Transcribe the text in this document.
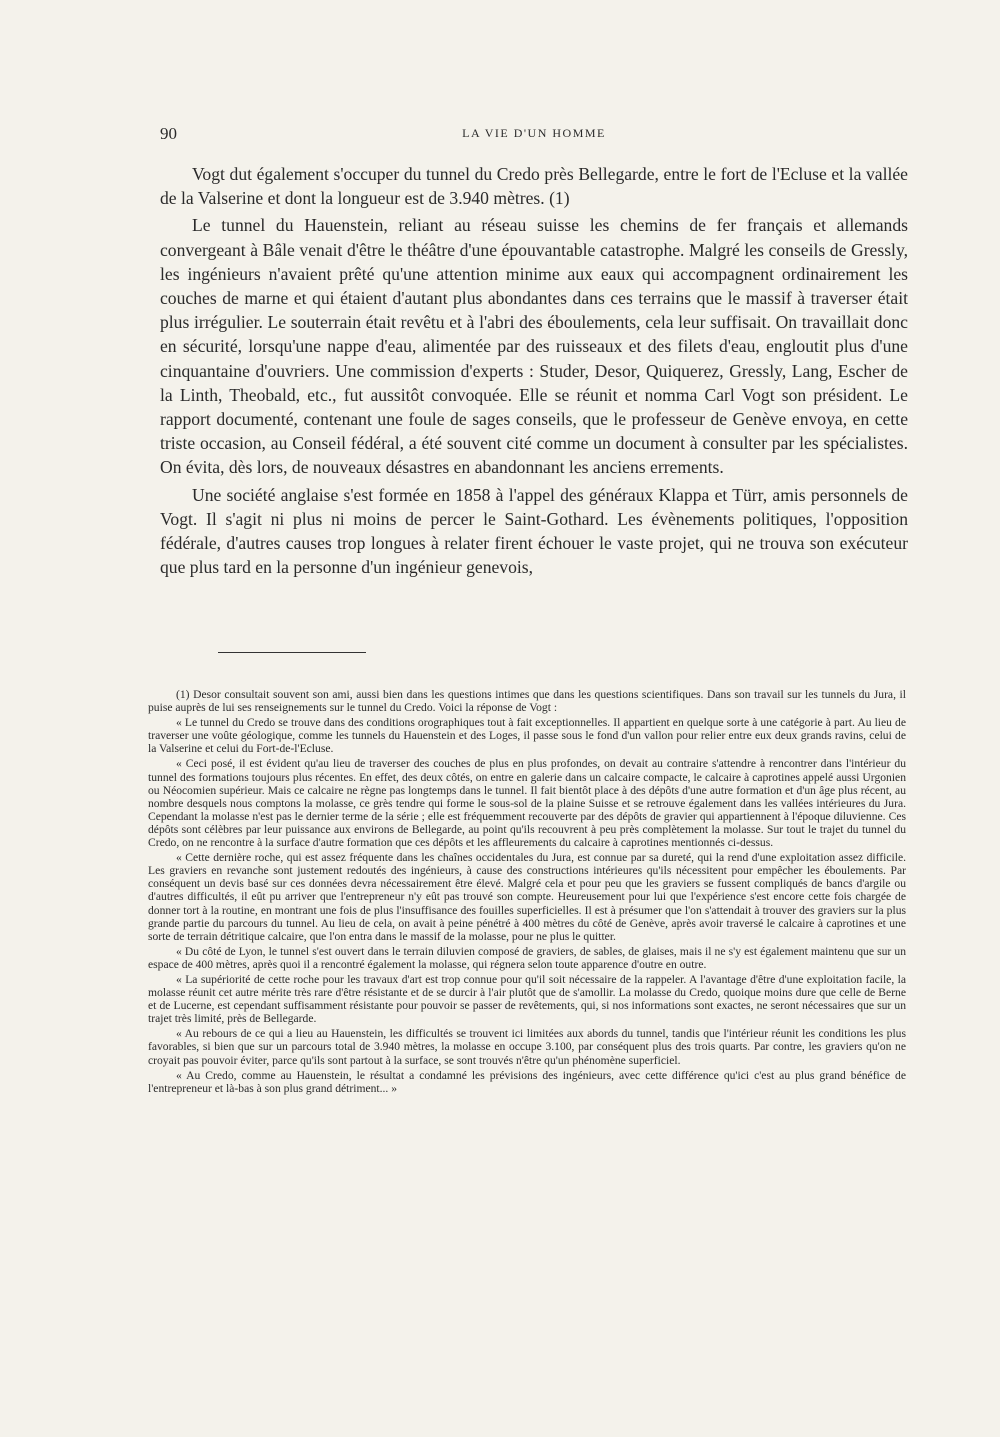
90	LA VIE D'UN HOMME

Vogt dut également s'occuper du tunnel du Credo près Bellegarde, entre le fort de l'Ecluse et la vallée de la Valserine et dont la longueur est de 3.940 mètres. (1)

Le tunnel du Hauenstein, reliant au réseau suisse les chemins de fer français et allemands convergeant à Bâle venait d'être le théâtre d'une épouvantable catastrophe. Malgré les conseils de Gressly, les ingénieurs n'avaient prêté qu'une attention minime aux eaux qui accompagnent ordinairement les couches de marne et qui étaient d'autant plus abondantes dans ces terrains que le massif à traverser était plus irrégulier. Le souterrain était revêtu et à l'abri des éboulements, cela leur suffisait. On travaillait donc en sécurité, lorsqu'une nappe d'eau, alimentée par des ruisseaux et des filets d'eau, engloutit plus d'une cinquantaine d'ouvriers. Une commission d'experts : Studer, Desor, Quiquerez, Gressly, Lang, Escher de la Linth, Theobald, etc., fut aussitôt convoquée. Elle se réunit et nomma Carl Vogt son président. Le rapport documenté, contenant une foule de sages conseils, que le professeur de Genève envoya, en cette triste occasion, au Conseil fédéral, a été souvent cité comme un document à consulter par les spécialistes. On évita, dès lors, de nouveaux désastres en abandonnant les anciens errements.

Une société anglaise s'est formée en 1858 à l'appel des généraux Klappa et Türr, amis personnels de Vogt. Il s'agit ni plus ni moins de percer le Saint-Gothard. Les évènements politiques, l'opposition fédérale, d'autres causes trop longues à relater firent échouer le vaste projet, qui ne trouva son exécuteur que plus tard en la personne d'un ingénieur genevois,

(1) Desor consultait souvent son ami, aussi bien dans les questions intimes que dans les questions scientifiques. Dans son travail sur les tunnels du Jura, il puise auprès de lui ses renseignements sur le tunnel du Credo. Voici la réponse de Vogt :

« Le tunnel du Credo se trouve dans des conditions orographiques tout à fait exceptionnelles. Il appartient en quelque sorte à une catégorie à part. Au lieu de traverser une voûte géologique, comme les tunnels du Hauenstein et des Loges, il passe sous le fond d'un vallon pour relier entre eux deux grands ravins, celui de la Valserine et celui du Fort-de-l'Ecluse.

« Ceci posé, il est évident qu'au lieu de traverser des couches de plus en plus profondes, on devait au contraire s'attendre à rencontrer dans l'intérieur du tunnel des formations toujours plus récentes. En effet, des deux côtés, on entre en galerie dans un calcaire compacte, le calcaire à caprotines appelé aussi Urgonien ou Néocomien supérieur. Mais ce calcaire ne règne pas longtemps dans le tunnel. Il fait bientôt place à des dépôts d'une autre formation et d'un âge plus récent, au nombre desquels nous comptons la molasse, ce grès tendre qui forme le sous-sol de la plaine Suisse et se retrouve également dans les vallées intérieures du Jura. Cependant la molasse n'est pas le dernier terme de la série ; elle est fréquemment recouverte par des dépôts de gravier qui appartiennent à l'époque diluvienne. Ces dépôts sont célèbres par leur puissance aux environs de Bellegarde, au point qu'ils recouvrent à peu près complètement la molasse. Sur tout le trajet du tunnel du Credo, on ne rencontre à la surface d'autre formation que ces dépôts et les affleurements du calcaire à caprotines mentionnés ci-dessus.

« Cette dernière roche, qui est assez fréquente dans les chaînes occidentales du Jura, est connue par sa dureté, qui la rend d'une exploitation assez difficile. Les graviers en revanche sont justement redoutés des ingénieurs, à cause des constructions intérieures qu'ils nécessitent pour empêcher les éboulements. Par conséquent un devis basé sur ces données devra nécessairement être élevé. Malgré cela et pour peu que les graviers se fussent compliqués de bancs d'argile ou d'autres difficultés, il eût pu arriver que l'entrepreneur n'y eût pas trouvé son compte. Heureusement pour lui que l'expérience s'est encore cette fois chargée de donner tort à la routine, en montrant une fois de plus l'insuffisance des fouilles superficielles. Il est à présumer que l'on s'attendait à trouver des graviers sur la plus grande partie du parcours du tunnel. Au lieu de cela, on avait à peine pénétré à 400 mètres du côté de Genève, après avoir traversé le calcaire à caprotines et une sorte de terrain détritique calcaire, que l'on entra dans le massif de la molasse, pour ne plus le quitter.

« Du côté de Lyon, le tunnel s'est ouvert dans le terrain diluvien composé de graviers, de sables, de glaises, mais il ne s'y est également maintenu que sur un espace de 400 mètres, après quoi il a rencontré également la molasse, qui régnera selon toute apparence d'outre en outre.

« La supériorité de cette roche pour les travaux d'art est trop connue pour qu'il soit nécessaire de la rappeler. A l'avantage d'être d'une exploitation facile, la molasse réunit cet autre mérite très rare d'être résistante et de se durcir à l'air plutôt que de s'amollir. La molasse du Credo, quoique moins dure que celle de Berne et de Lucerne, est cependant suffisamment résistante pour pouvoir se passer de revêtements, qui, si nos informations sont exactes, ne seront nécessaires que sur un trajet très limité, près de Bellegarde.

« Au rebours de ce qui a lieu au Hauenstein, les difficultés se trouvent ici limitées aux abords du tunnel, tandis que l'intérieur réunit les conditions les plus favorables, si bien que sur un parcours total de 3.940 mètres, la molasse en occupe 3.100, par conséquent plus des trois quarts. Par contre, les graviers qu'on ne croyait pas pouvoir éviter, parce qu'ils sont partout à la surface, se sont trouvés n'être qu'un phénomène superficiel.

« Au Credo, comme au Hauenstein, le résultat a condamné les prévisions des ingénieurs, avec cette différence qu'ici c'est au plus grand bénéfice de l'entrepreneur et là-bas à son plus grand détriment... »
